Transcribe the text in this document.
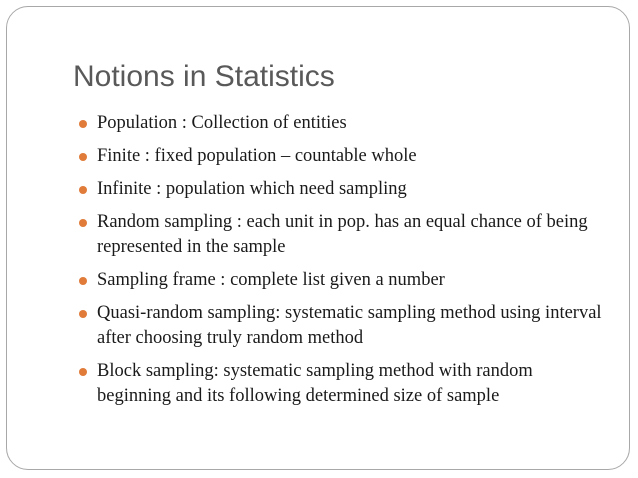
Notions in Statistics
Population : Collection of entities
Finite : fixed population – countable whole
Infinite : population which need sampling
Random sampling : each unit in pop. has an equal chance of being represented in the sample
Sampling frame : complete list given a number
Quasi-random sampling: systematic sampling method using interval after choosing truly random method
Block sampling: systematic sampling method with random beginning and its following determined size of sample
